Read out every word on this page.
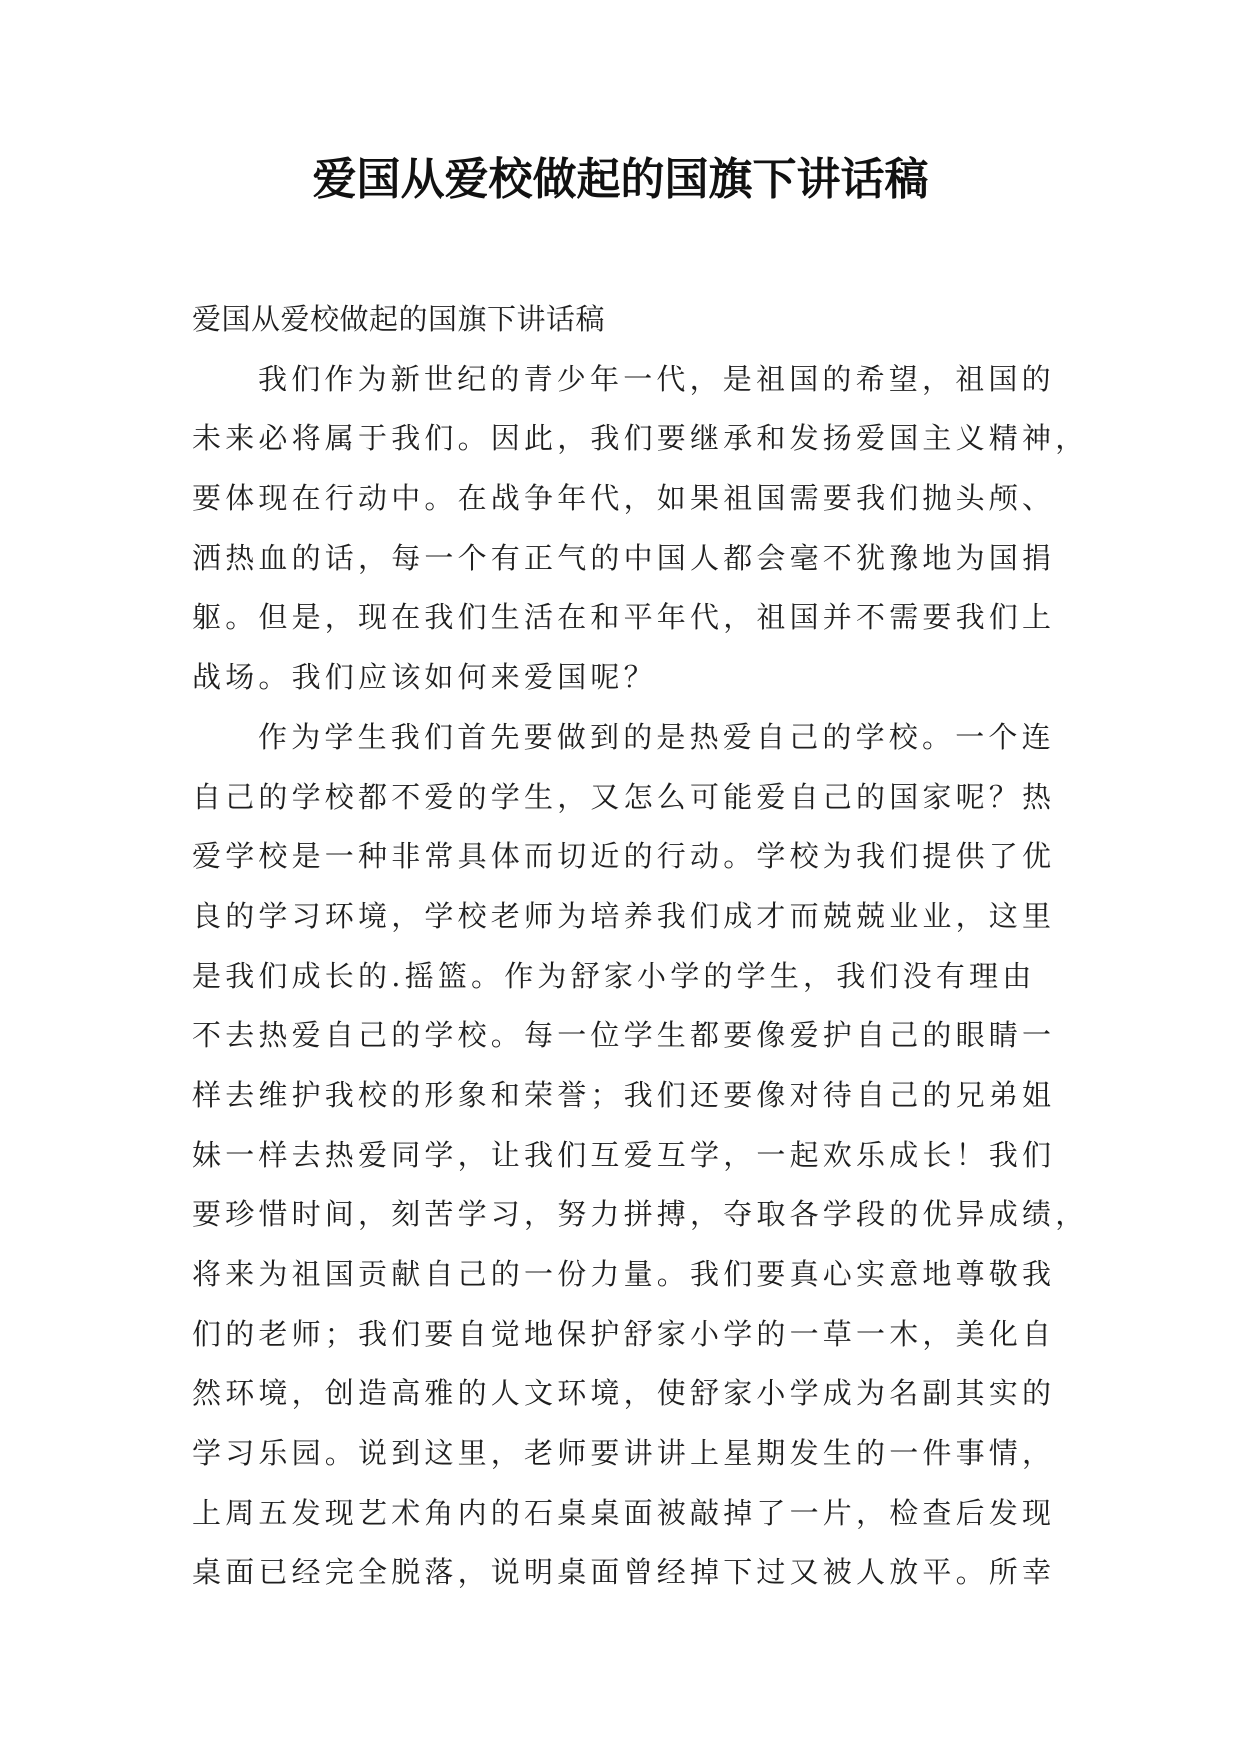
爱国从爱校做起的国旗下讲话稿
爱国从爱校做起的国旗下讲话稿
我们作为新世纪的青少年一代，是祖国的希望，祖国的
未来必将属于我们。因此，我们要继承和发扬爱国主义精神，
要体现在行动中。在战争年代，如果祖国需要我们抛头颅、
洒热血的话，每一个有正气的中国人都会毫不犹豫地为国捐
躯。但是，现在我们生活在和平年代，祖国并不需要我们上
战场。我们应该如何来爱国呢？
作为学生我们首先要做到的是热爱自己的学校。一个连
自己的学校都不爱的学生，又怎么可能爱自己的国家呢？热
爱学校是一种非常具体而切近的行动。学校为我们提供了优
良的学习环境，学校老师为培养我们成才而兢兢业业，这里
是我们成长的.摇篮。作为舒家小学的学生，我们没有理由
不去热爱自己的学校。每一位学生都要像爱护自己的眼睛一
样去维护我校的形象和荣誉；我们还要像对待自己的兄弟姐
妹一样去热爱同学，让我们互爱互学，一起欢乐成长！我们
要珍惜时间，刻苦学习，努力拼搏，夺取各学段的优异成绩，
将来为祖国贡献自己的一份力量。我们要真心实意地尊敬我
们的老师；我们要自觉地保护舒家小学的一草一木，美化自
然环境，创造高雅的人文环境，使舒家小学成为名副其实的
学习乐园。说到这里，老师要讲讲上星期发生的一件事情，
上周五发现艺术角内的石桌桌面被敲掉了一片，检查后发现
桌面已经完全脱落，说明桌面曾经掉下过又被人放平。所幸
